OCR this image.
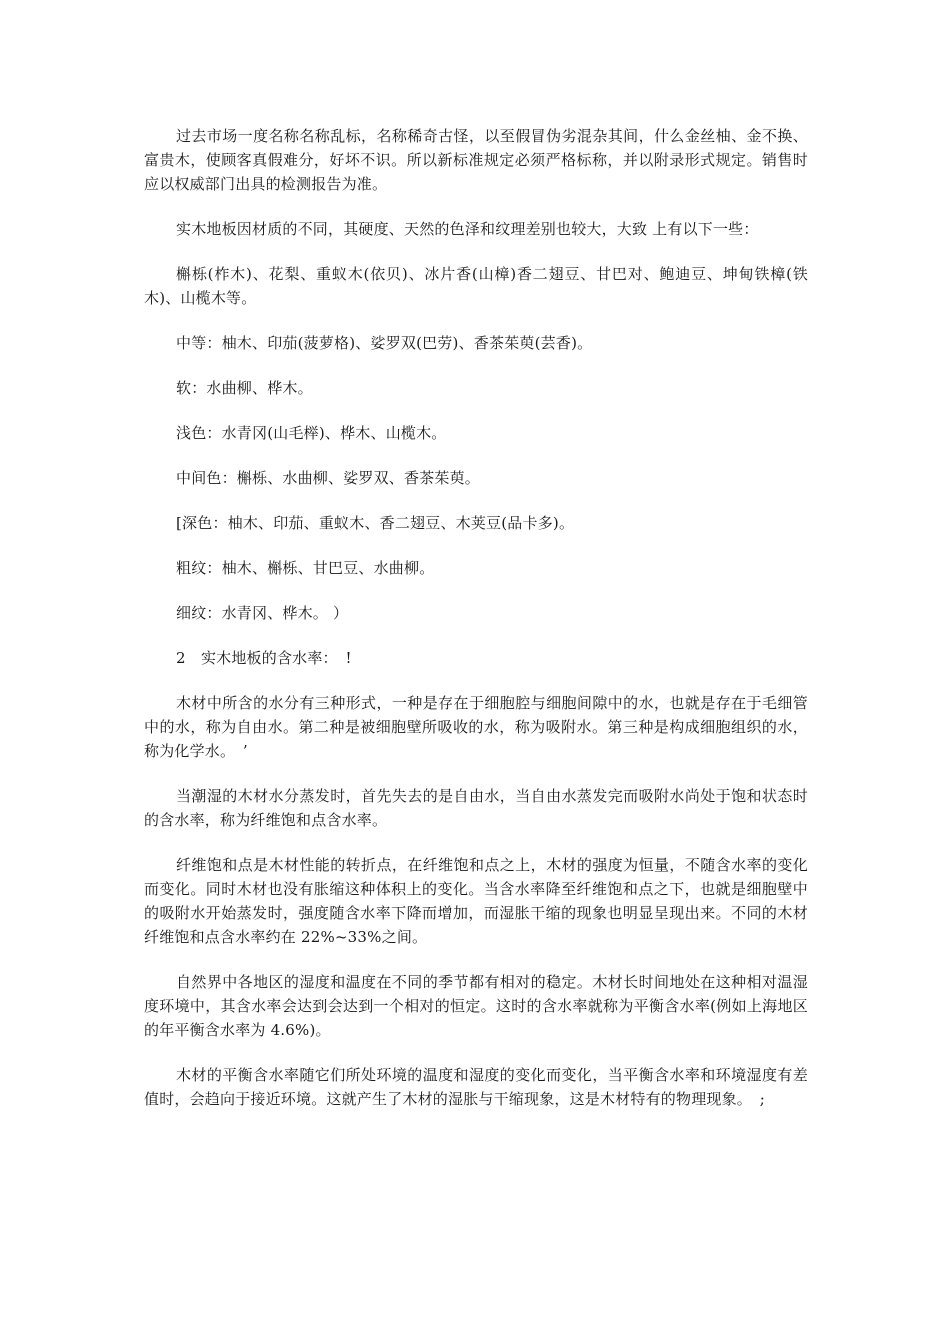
过去市场一度名称名称乱标，名称稀奇古怪，以至假冒伪劣混杂其间，什么金丝柚、金不换、富贵木，使顾客真假难分，好坏不识。所以新标准规定必须严格标称，并以附录形式规定。销售时应以权威部门出具的检测报告为准。

实木地板因材质的不同，其硬度、天然的色泽和纹理差别也较大，大致 上有以下一些：

槲栎(柞木)、花梨、重蚁木(依贝)、冰片香(山樟)香二翅豆、甘巴对、鲍迪豆、坤甸铁樟(铁木)、山榄木等。

中等：柚木、印茄(菠萝格)、娑罗双(巴劳)、香茶茱萸(芸香)。

软：水曲柳、桦木。

浅色：水青冈(山毛榉)、桦木、山榄木。

中间色：槲栎、水曲柳、娑罗双、香茶茱萸。

[深色：柚木、印茄、重蚁木、香二翅豆、木荚豆(品卡多)。

粗纹：柚木、槲栎、甘巴豆、水曲柳。

细纹：水青冈、桦木。 ）

2　实木地板的含水率：　!

木材中所含的水分有三种形式，一种是存在于细胞腔与细胞间隙中的水，也就是存在于毛细管中的水，称为自由水。第二种是被细胞壁所吸收的水，称为吸附水。第三种是构成细胞组织的水，称为化学水。　’

当潮湿的木材水分蒸发时，首先失去的是自由水，当自由水蒸发完而吸附水尚处于饱和状态时的含水率，称为纤维饱和点含水率。

纤维饱和点是木材性能的转折点，在纤维饱和点之上，木材的强度为恒量，不随含水率的变化而变化。同时木材也没有胀缩这种体积上的变化。当含水率降至纤维饱和点之下，也就是细胞壁中的吸附水开始蒸发时，强度随含水率下降而增加，而湿胀干缩的现象也明显呈现出来。不同的木材纤维饱和点含水率约在 22%~33%之间。

自然界中各地区的湿度和温度在不同的季节都有相对的稳定。木材长时间地处在这种相对温湿度环境中，其含水率会达到会达到一个相对的恒定。这时的含水率就称为平衡含水率(例如上海地区的年平衡含水率为 4.6%)。

木材的平衡含水率随它们所处环境的温度和湿度的变化而变化，当平衡含水率和环境湿度有差值时，会趋向于接近环境。这就产生了木材的湿胀与干缩现象，这是木材特有的物理现象。　;
